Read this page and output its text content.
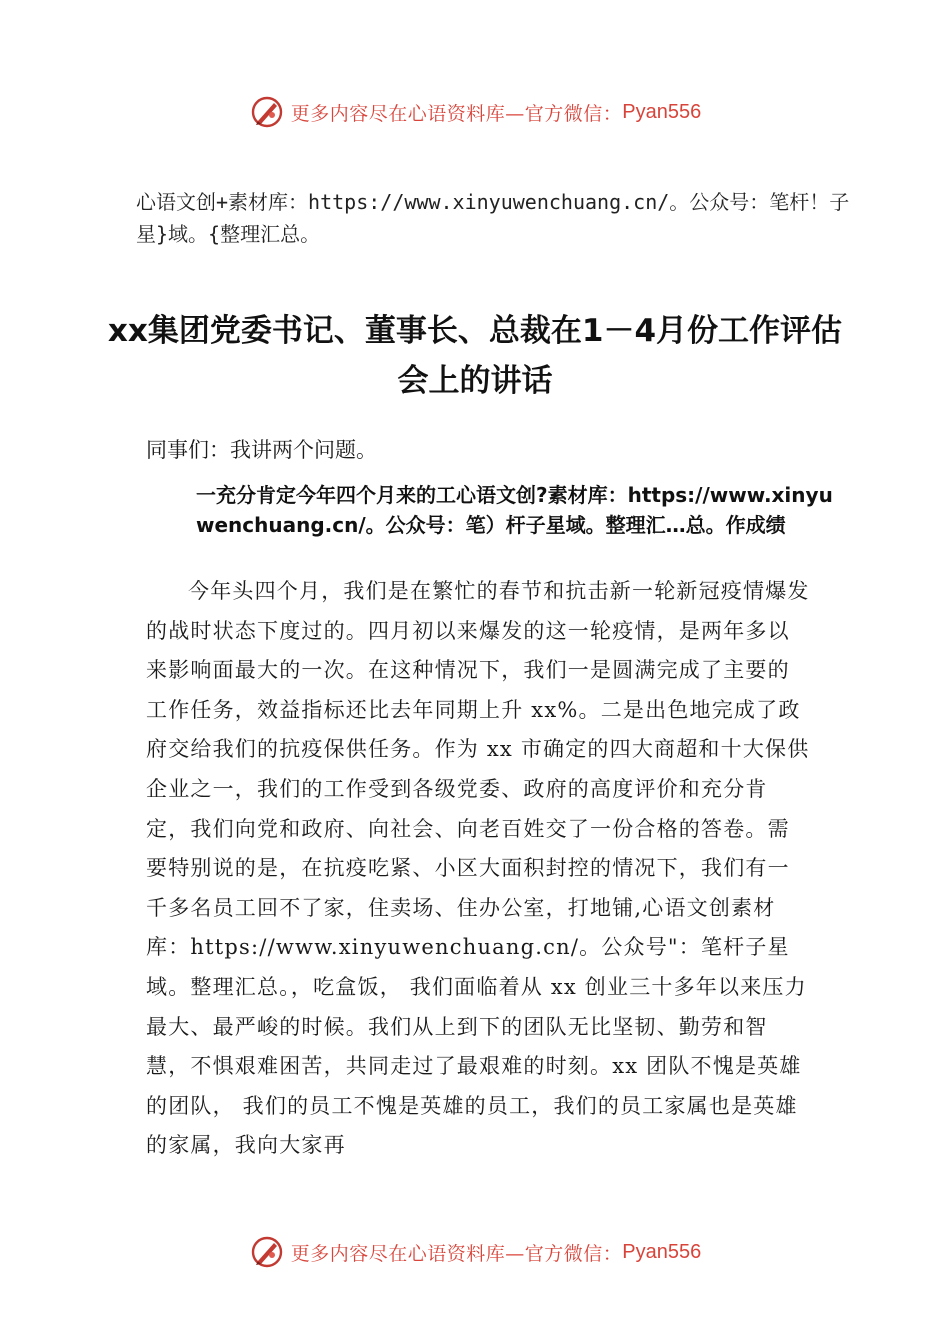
更多内容尽在心语资料库—官方微信： Pyan556
心语文创+素材库：https://www.xinyuwenchuang.cn/。公众号：笔杆！子星}域。{整理汇总。
xx集团党委书记、董事长、总裁在1－4月份工作评估会上的讲话
同事们：我讲两个问题。
一充分肯定今年四个月来的工心语文创?素材库：https://www.xinyuwenchuang.cn/。公众号：笔）杆子星域。整理汇…总。作成绩
今年头四个月，我们是在繁忙的春节和抗击新一轮新冠疫情爆发的战时状态下度过的。四月初以来爆发的这一轮疫情，是两年多以来影响面最大的一次。在这种情况下，我们一是圆满完成了主要的工作任务，效益指标还比去年同期上升 xx%。二是出色地完成了政府交给我们的抗疫保供任务。作为 xx 市确定的四大商超和十大保供企业之一，我们的工作受到各级党委、政府的高度评价和充分肯定，我们向党和政府、向社会、向老百姓交了一份合格的答卷。需要特别说的是，在抗疫吃紧、小区大面积封控的情况下，我们有一千多名员工回不了家，住卖场、住办公室，打地铺,心语文创素材库：https://www.xinyuwenchuang.cn/。公众号"：笔杆子星域。整理汇总。，吃盒饭， 我们面临着从 xx 创业三十多年以来压力最大、最严峻的时候。我们从上到下的团队无比坚韧、勤劳和智慧，不惧艰难困苦，共同走过了最艰难的时刻。xx 团队不愧是英雄的团队， 我们的员工不愧是英雄的员工，我们的员工家属也是英雄的家属，我向大家再
更多内容尽在心语资料库—官方微信： Pyan556
